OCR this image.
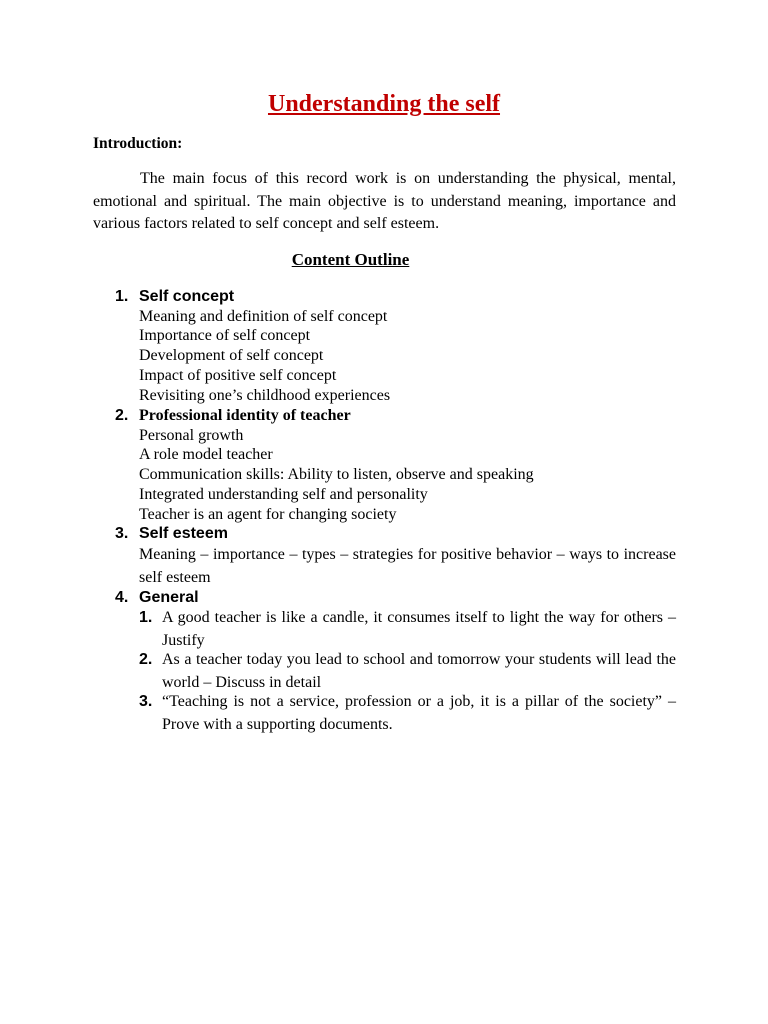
Understanding the self
Introduction:

The main focus of this record work is on understanding the physical, mental, emotional and spiritual. The main objective is to understand meaning, importance and various factors related to self concept and self esteem.

Content Outline
1. Self concept
Meaning and definition of self concept
Importance of self concept
Development of self concept
Impact of positive self concept
Revisiting one’s childhood experiences
2. Professional identity of teacher
Personal growth
A role model teacher
Communication skills: Ability to listen, observe and speaking
Integrated understanding self and personality
Teacher is an agent for changing society
3. Self esteem

Meaning – importance – types – strategies for positive behavior – ways to increase self esteem

4. General
1. A good teacher is like a candle, it consumes itself to light the way for others – Justify

2. As a teacher today you lead to school and tomorrow your students will lead the world – Discuss in detail

3. “Teaching is not a service, profession or a job, it is a pillar of the society” – Prove with a supporting documents.
